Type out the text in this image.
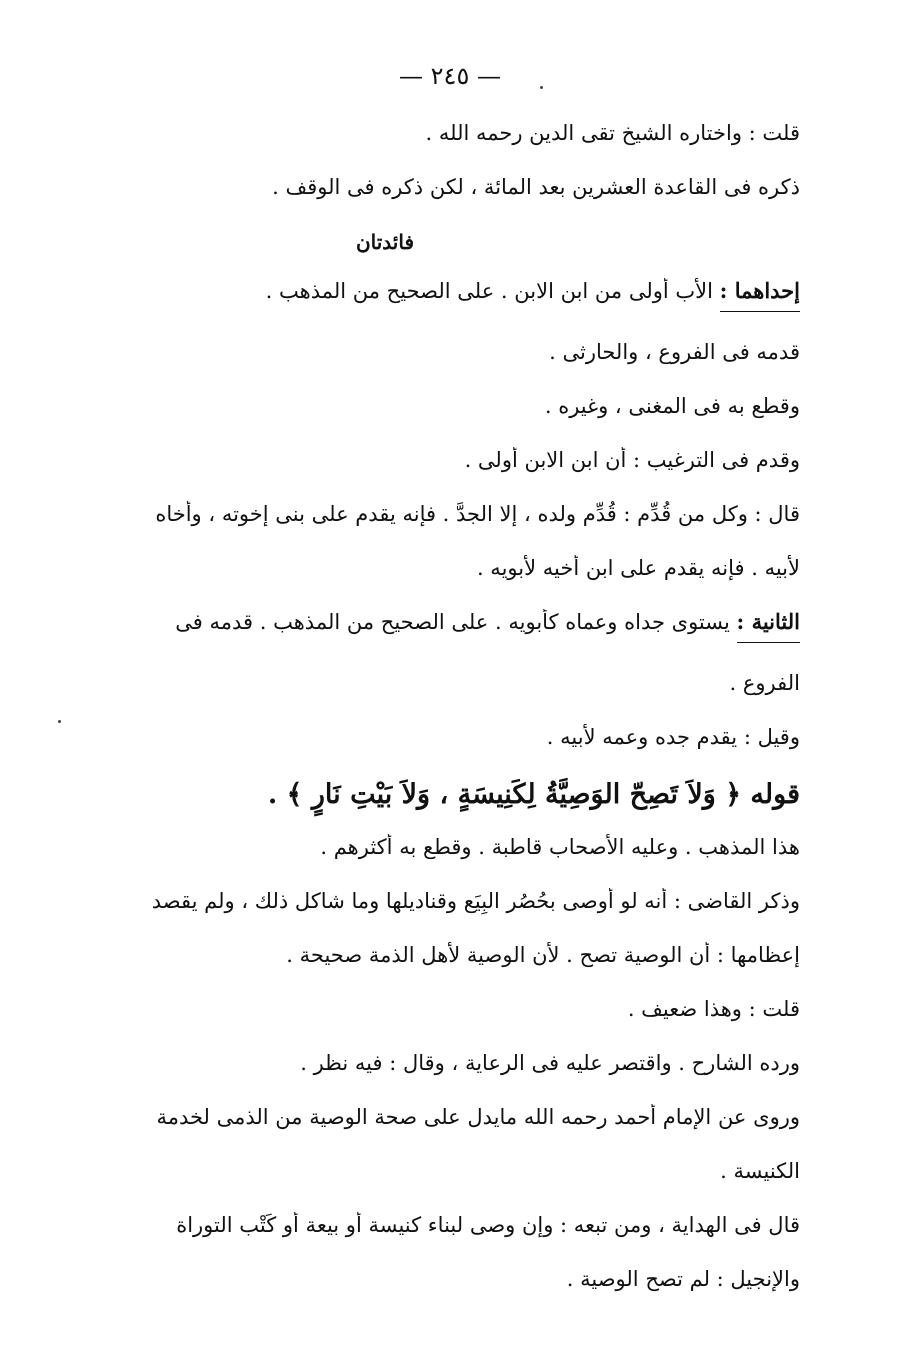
— ٢٤٥ —
قلت : واختاره الشيخ تقى الدين رحمه الله .
ذكره فى القاعدة العشرين بعد المائة ، لكن ذكره فى الوقف .
فائدتان
إحداهما : الأب أولى من ابن الابن . على الصحيح من المذهب .
قدمه فى الفروع ، والحارثى .
وقطع به فى المغنى ، وغيره .
وقدم فى الترغيب : أن ابن الابن أولى .
قال : وكل من قُدِّم : قُدِّم ولده ، إلا الجدَّ . فإنه يقدم على بنى إخوته ، وأخاه
لأبيه . فإنه يقدم على ابن أخيه لأبويه .
الثانية : يستوى جداه وعماه كأبويه . على الصحيح من المذهب . قدمه فى
الفروع .
وقيل : يقدم جده وعمه لأبيه .
قوله ﴿ وَلاَ تَصِحّ الوَصِيَّةُ لِكَنِيسَةٍ ، وَلاَ بَيْتِ نَارٍ ﴾ .
هذا المذهب . وعليه الأصحاب قاطبة . وقطع به أكثرهم .
وذكر القاضى : أنه لو أوصى بحُصُر البِيَع وقناديلها وما شاكل ذلك ، ولم يقصد
إعظامها : أن الوصية تصح . لأن الوصية لأهل الذمة صحيحة .
قلت : وهذا ضعيف .
ورده الشارح . واقتصر عليه فى الرعاية ، وقال : فيه نظر .
وروى عن الإمام أحمد رحمه الله مايدل على صحة الوصية من الذمى لخدمة
الكنيسة .
قال فى الهداية ، ومن تبعه : وإن وصى لبناء كنيسة أو بيعة أو كَتْب التوراة
والإنجيل : لم تصح الوصية .
